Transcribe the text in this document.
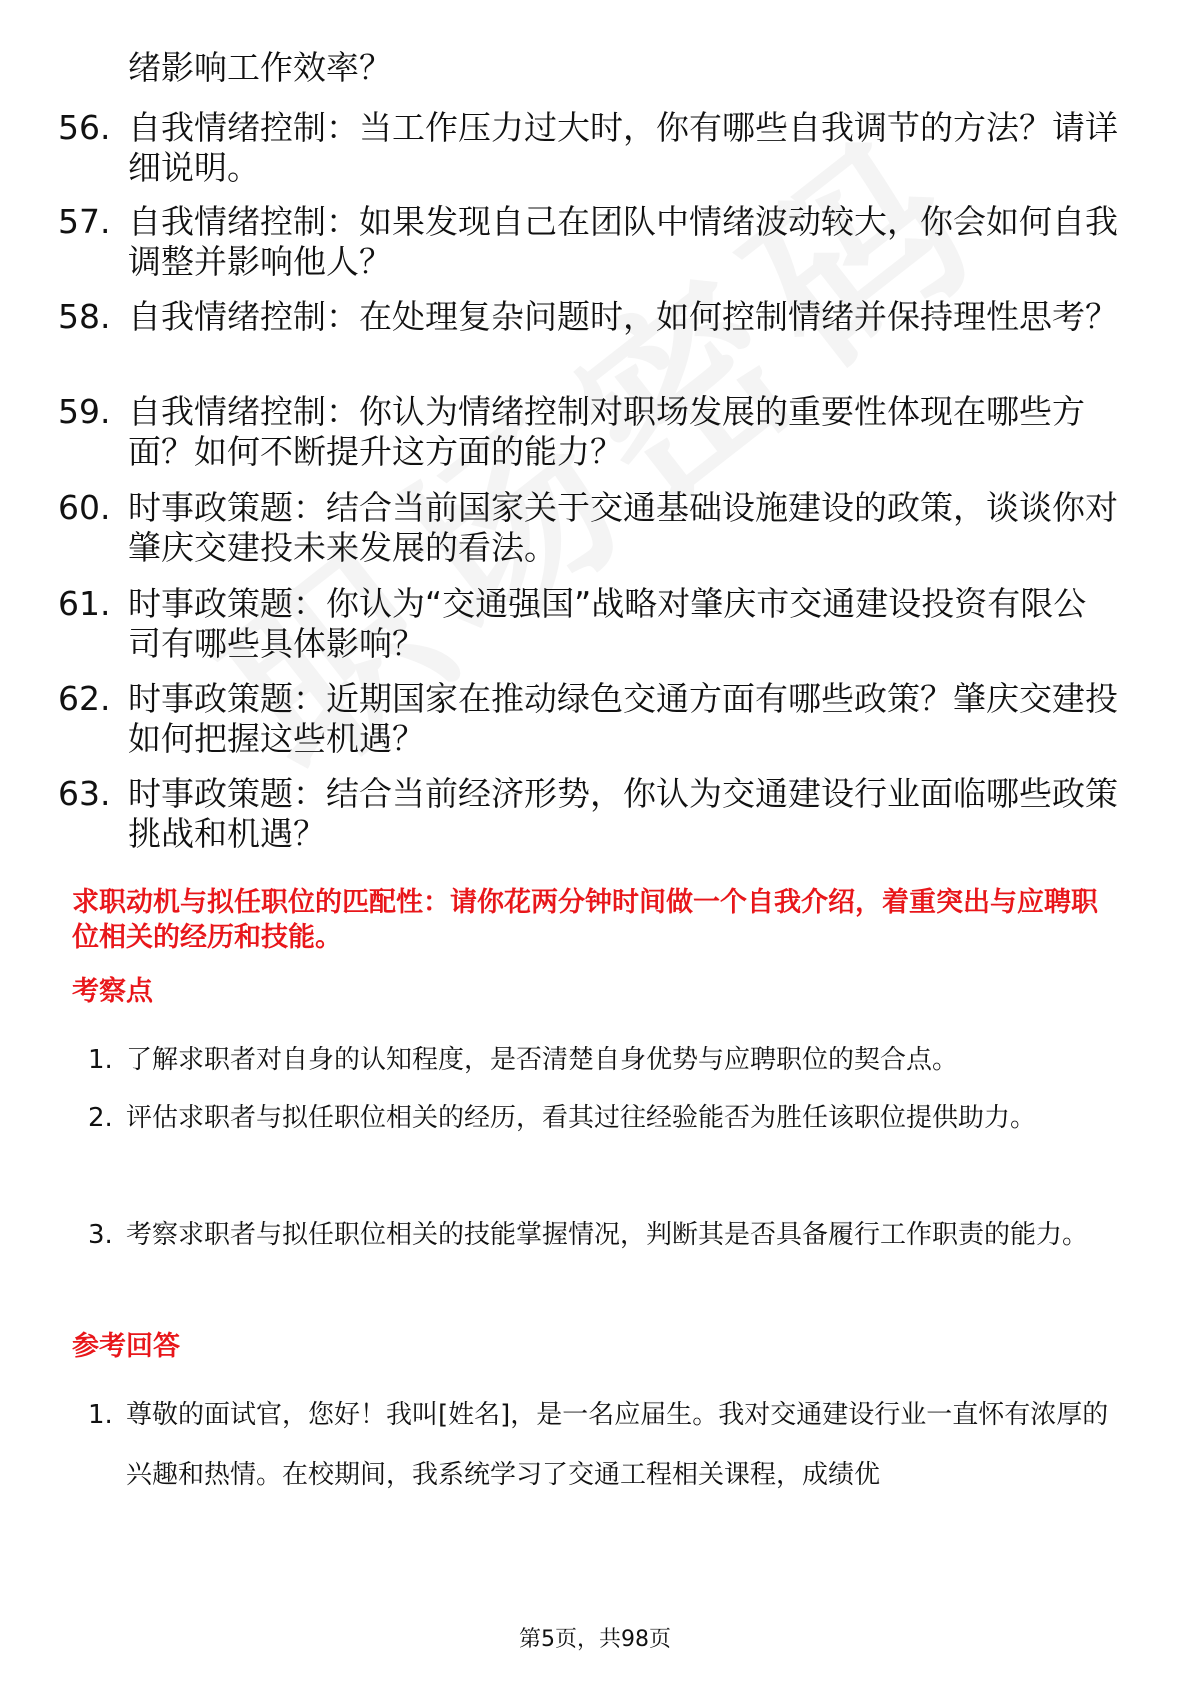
绪影响工作效率？
56. 自我情绪控制：当工作压力过大时，你有哪些自我调节的方法？请详细说明。
57. 自我情绪控制：如果发现自己在团队中情绪波动较大，你会如何自我调整并影响他人？
58. 自我情绪控制：在处理复杂问题时，如何控制情绪并保持理性思考？
59. 自我情绪控制：你认为情绪控制对职场发展的重要性体现在哪些方面？如何不断提升这方面的能力？
60. 时事政策题：结合当前国家关于交通基础设施建设的政策，谈谈你对肇庆交建投未来发展的看法。
61. 时事政策题：你认为“交通强国”战略对肇庆市交通建设投资有限公司有哪些具体影响？
62. 时事政策题：近期国家在推动绿色交通方面有哪些政策？肇庆交建投如何把握这些机遇？
63. 时事政策题：结合当前经济形势，你认为交通建设行业面临哪些政策挑战和机遇？
求职动机与拟任职位的匹配性：请你花两分钟时间做一个自我介绍，着重突出与应聘职位相关的经历和技能。
考察点
1. 了解求职者对自身的认知程度，是否清楚自身优势与应聘职位的契合点。
2. 评估求职者与拟任职位相关的经历，看其过往经验能否为胜任该职位提供助力。
3. 考察求职者与拟任职位相关的技能掌握情况，判断其是否具备履行工作职责的能力。
参考回答
1. 尊敬的面试官，您好！我叫[姓名]，是一名应届生。我对交通建设行业一直怀有浓厚的兴趣和热情。在校期间，我系统学习了交通工程相关课程，成绩优
第5页，共98页
